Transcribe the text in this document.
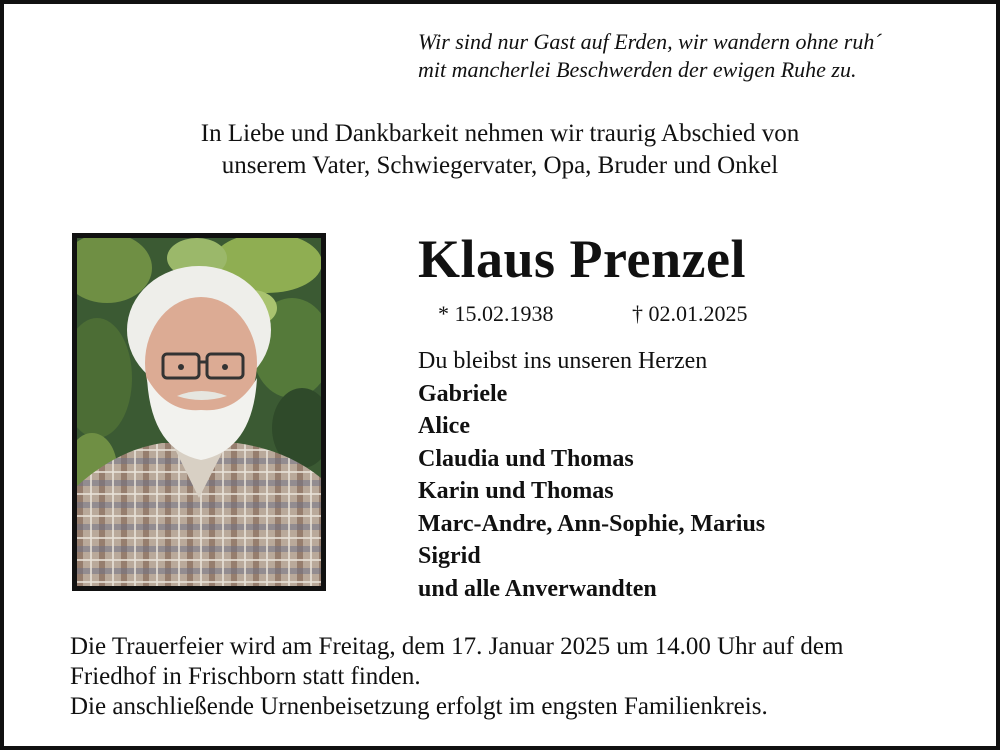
Wir sind nur Gast auf Erden, wir wandern ohne ruh´
mit mancherlei Beschwerden der ewigen Ruhe zu.
In Liebe und Dankbarkeit nehmen wir traurig Abschied von
unserem Vater, Schwiegervater, Opa, Bruder und Onkel
Klaus Prenzel
* 15.02.1938	† 02.01.2025
Du bleibst ins unseren Herzen
Gabriele
Alice
Claudia und Thomas
Karin und Thomas
Marc-Andre, Ann-Sophie, Marius
Sigrid
und alle Anverwandten
Die Trauerfeier wird am Freitag, dem 17. Januar 2025 um 14.00 Uhr auf dem
Friedhof in Frischborn statt finden.
Die anschließende Urnenbeisetzung erfolgt im engsten Familienkreis.
